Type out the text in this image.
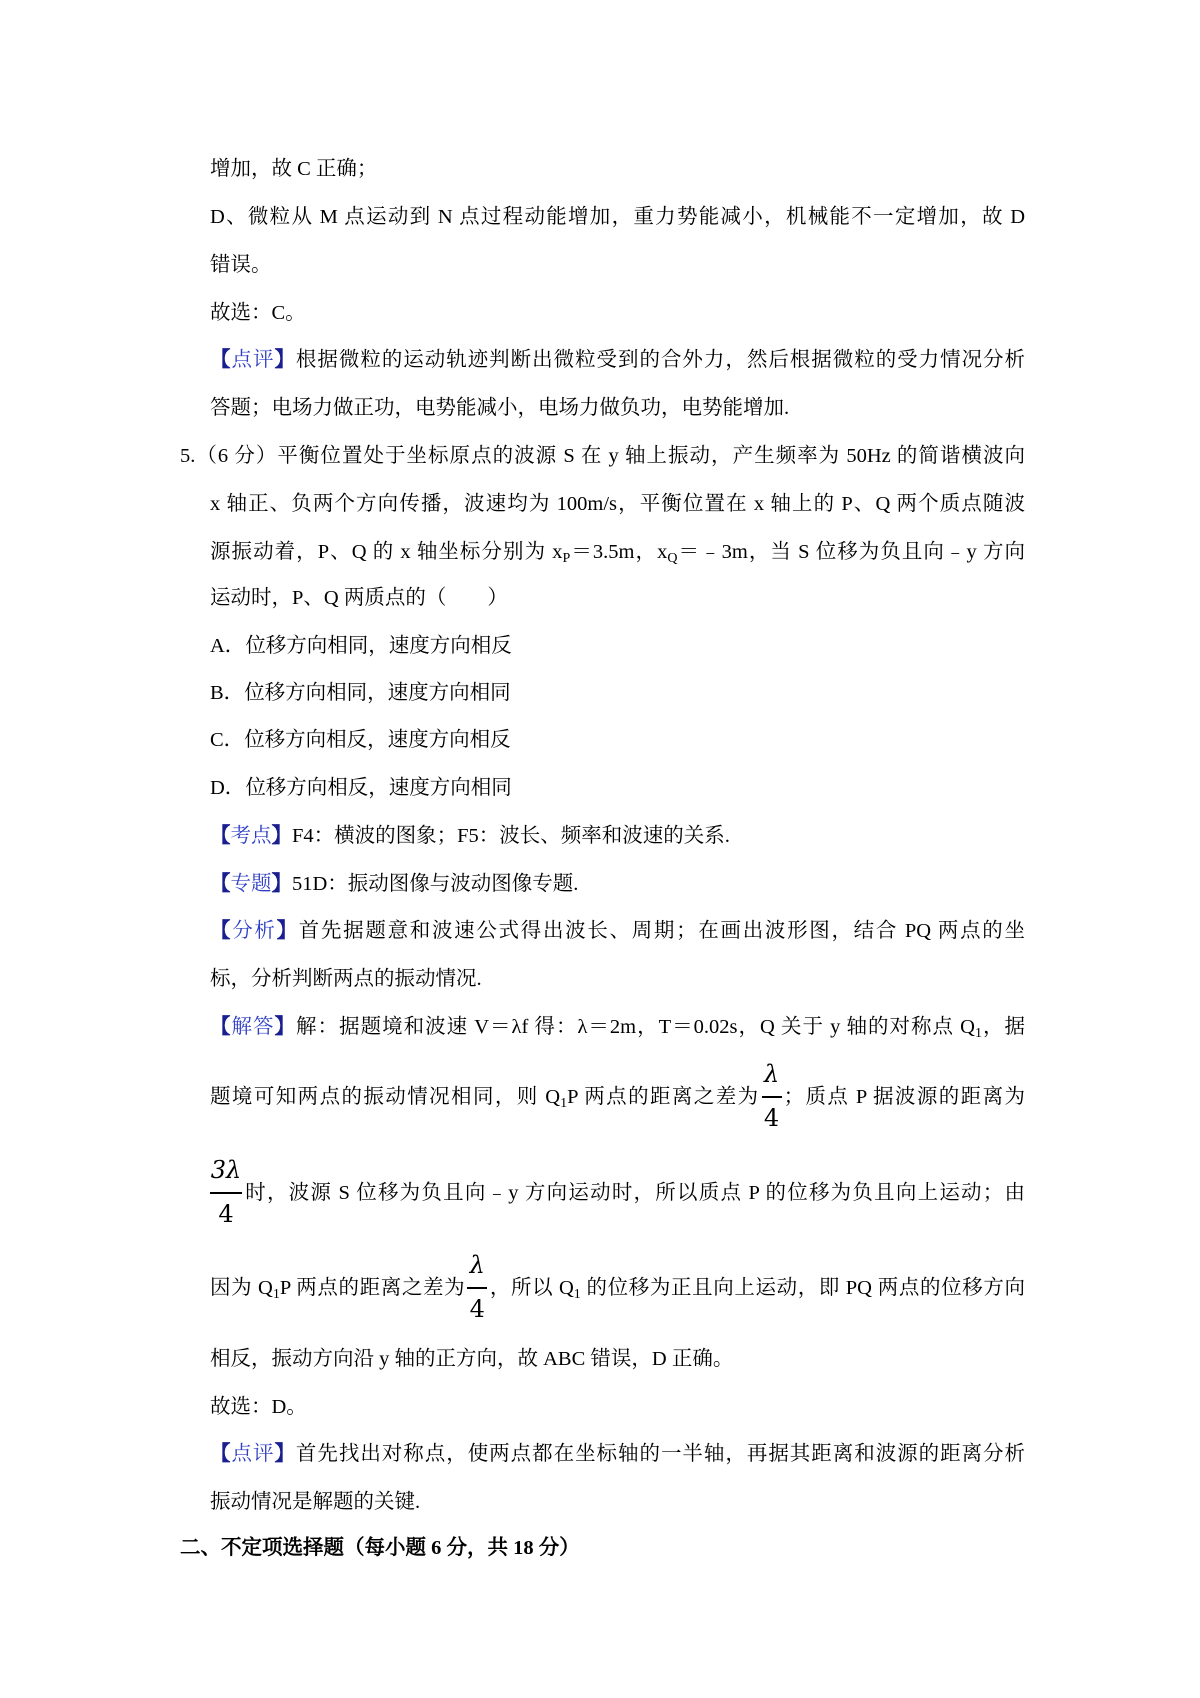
增加，故 C 正确；
D、微粒从 M 点运动到 N 点过程动能增加，重力势能减小，机械能不一定增加，故 D
错误。
故选：C。
【点评】根据微粒的运动轨迹判断出微粒受到的合外力，然后根据微粒的受力情况分析
答题；电场力做正功，电势能减小，电场力做负功，电势能增加.
5.（6 分）平衡位置处于坐标原点的波源 S 在 y 轴上振动，产生频率为 50Hz 的简谐横波向
x 轴正、负两个方向传播，波速均为 100m/s，平衡位置在 x 轴上的 P、Q 两个质点随波
源振动着，P、Q 的 x 轴坐标分别为 xP＝3.5m，xQ＝﹣3m，当 S 位移为负且向﹣y 方向
运动时，P、Q 两质点的（　　）
A．位移方向相同，速度方向相反
B．位移方向相同，速度方向相同
C．位移方向相反，速度方向相反
D．位移方向相反，速度方向相同
【考点】F4：横波的图象；F5：波长、频率和波速的关系.
【专题】51D：振动图像与波动图像专题.
【分析】首先据题意和波速公式得出波长、周期；在画出波形图，结合 PQ 两点的坐
标，分析判断两点的振动情况.
【解答】解：据题境和波速 V＝λf 得：λ＝2m，T＝0.02s，Q 关于 y 轴的对称点 Q1，据
题境可知两点的振动情况相同，则 Q1P 两点的距离之差为 $\frac{\lambda}{4}$ ；质点 P 据波源的距离为
$\frac{3\lambda}{4}$ 时，波源 S 位移为负且向﹣y 方向运动时，所以质点 P 的位移为负且向上运动；由
因为 Q1P 两点的距离之差为 $\frac{\lambda}{4}$ ，所以 Q1 的位移为正且向上运动，即 PQ 两点的位移方向
相反，振动方向沿 y 轴的正方向，故 ABC 错误，D 正确。
故选：D。
【点评】首先找出对称点，使两点都在坐标轴的一半轴，再据其距离和波源的距离分析
振动情况是解题的关键.
二、不定项选择题（每小题 6 分，共 18 分）
